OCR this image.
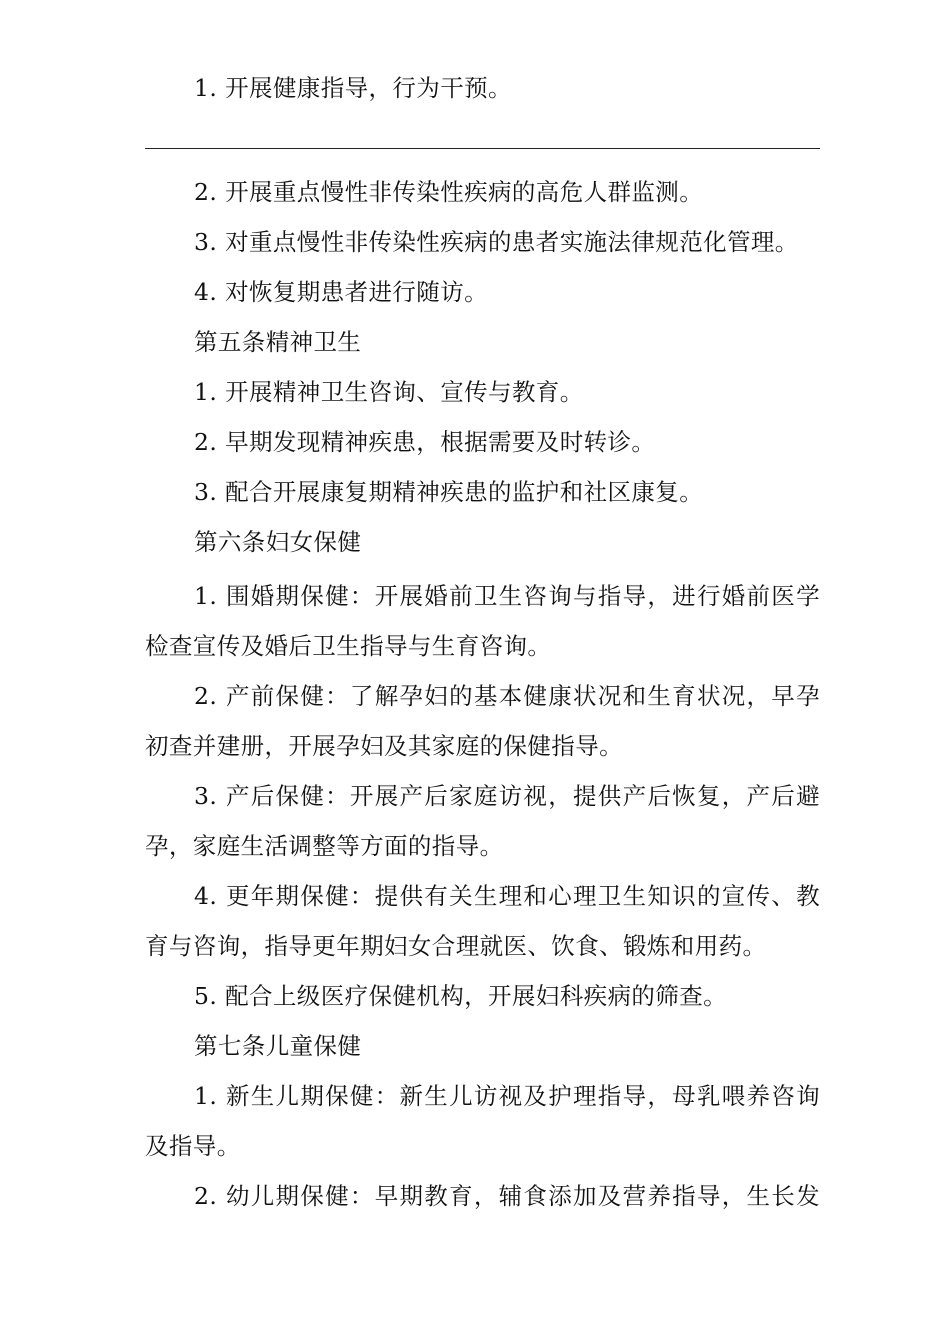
1. 开展健康指导，行为干预。
2. 开展重点慢性非传染性疾病的高危人群监测。
3. 对重点慢性非传染性疾病的患者实施法律规范化管理。
4. 对恢复期患者进行随访。
第五条精神卫生
1. 开展精神卫生咨询、宣传与教育。
2. 早期发现精神疾患，根据需要及时转诊。
3. 配合开展康复期精神疾患的监护和社区康复。
第六条妇女保健
1. 围婚期保健：开展婚前卫生咨询与指导，进行婚前医学
检查宣传及婚后卫生指导与生育咨询。
2. 产前保健：了解孕妇的基本健康状况和生育状况，早孕
初查并建册，开展孕妇及其家庭的保健指导。
3. 产后保健：开展产后家庭访视，提供产后恢复，产后避
孕，家庭生活调整等方面的指导。
4. 更年期保健：提供有关生理和心理卫生知识的宣传、教
育与咨询，指导更年期妇女合理就医、饮食、锻炼和用药。
5. 配合上级医疗保健机构，开展妇科疾病的筛查。
第七条儿童保健
1. 新生儿期保健：新生儿访视及护理指导，母乳喂养咨询
及指导。
2. 幼儿期保健：早期教育，辅食添加及营养指导，生长发
